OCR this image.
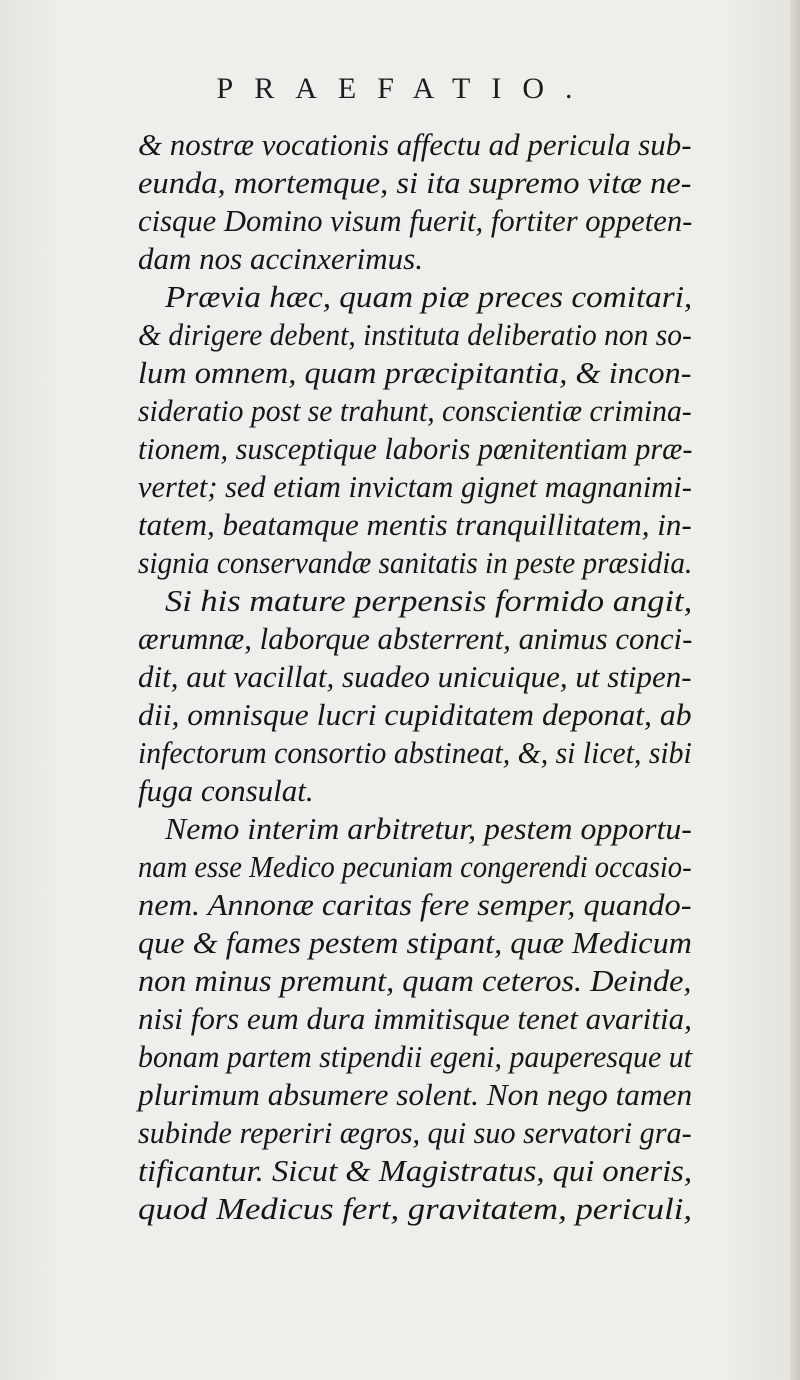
PRAEFATIO.
& nostræ vocationis affectu ad pericula sub-
eunda, mortemque, si ita supremo vitæ ne-
cisque Domino visum fuerit, fortiter oppeten-
dam nos accinxerimus.
Prævia hæc, quam piæ preces comitari,
& dirigere debent, instituta deliberatio non so-
lum omnem, quam præcipitantia, & incon-
sideratio post se trahunt, conscientiæ crimina-
tionem, susceptique laboris pœnitentiam præ-
vertet; sed etiam invictam gignet magnanimi-
tatem, beatamque mentis tranquillitatem, in-
signia conservandæ sanitatis in peste præsidia.
Si his mature perpensis formido angit,
ærumnæ, laborque absterrent, animus conci-
dit, aut vacillat, suadeo unicuique, ut stipen-
dii, omnisque lucri cupiditatem deponat, ab
infectorum consortio abstineat, &, si licet, sibi
fuga consulat.
Nemo interim arbitretur, pestem opportu-
nam esse Medico pecuniam congerendi occasio-
nem. Annonæ caritas fere semper, quando-
que & fames pestem stipant, quæ Medicum
non minus premunt, quam ceteros. Deinde,
nisi fors eum dura immitisque tenet avaritia,
bonam partem stipendii egeni, pauperesque ut
plurimum absumere solent. Non nego tamen
subinde reperiri ægros, qui suo servatori gra-
tificantur. Sicut & Magistratus, qui oneris,
quod Medicus fert, gravitatem, periculi,
